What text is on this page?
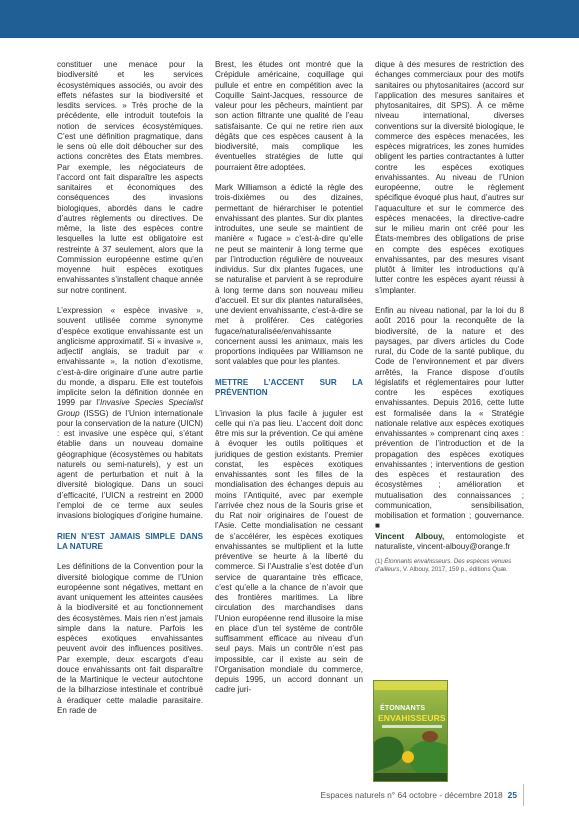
constituer une menace pour la biodiversité et les services écosystémiques associés, ou avoir des effets néfastes sur la biodiversité et lesdits services. » Très proche de la précédente, elle introduit toutefois la notion de services écosystémiques. C’est une définition pragmatique, dans le sens où elle doit déboucher sur des actions concrètes des États membres. Par exemple, les négociateurs de l’accord ont fait disparaître les aspects sanitaires et économiques des conséquences des invasions biologiques, abordés dans le cadre d’autres règlements ou directives. De même, la liste des espèces contre lesquelles la lutte est obligatoire est restreinte à 37 seulement, alors que la Commission européenne estime qu’en moyenne huit espèces exotiques envahissantes s’installent chaque année sur notre continent.

L’expression « espèce invasive », souvent utilisée comme synonyme d’espèce exotique envahissante est un anglicisme approximatif. Si « invasive », adjectif anglais, se traduit par « envahissante », la notion d’exotisme, c’est-à-dire originaire d’une autre partie du monde, a disparu. Elle est toutefois implicite selon la définition donnée en 1999 par l’Invasive Species Specialist Group (ISSG) de l’Union internationale pour la conservation de la nature (UICN) : est invasive une espèce qui, s’étant établie dans un nouveau domaine géographique (écosystèmes ou habitats naturels ou semi-naturels), y est un agent de perturbation et nuit à la diversité biologique. Dans un souci d’efficacité, l’UICN a restreint en 2000 l’emploi de ce terme aux seules invasions biologiques d’origine humaine.

RIEN N’EST JAMAIS SIMPLE DANS LA NATURE

Les définitions de la Convention pour la diversité biologique comme de l’Union européenne sont négatives, mettant en avant uniquement les atteintes causées à la biodiversité et au fonctionnement des écosystèmes. Mais rien n’est jamais simple dans la nature. Parfois les espèces exotiques envahissantes peuvent avoir des influences positives. Par exemple, deux escargots d’eau douce envahissants ont fait disparaître de la Martinique le vecteur autochtone de la bilharziose intestinale et contribué à éradiquer cette maladie parasitaire. En rade de

Brest, les études ont montré que la Crépidule américaine, coquillage qui pullule et entre en compétition avec la Coquille Saint-Jacques, ressource de valeur pour les pêcheurs, maintient par son action filtrante une qualité de l’eau satisfaisante. Ce qui ne retire rien aux dégâts que ces espèces causent à la biodiversité, mais complique les éventuelles stratégies de lutte qui pourraient être adoptées.

Mark Williamson a édicté la règle des trois-dixièmes ou des dizaines, permettant de hiérarchiser le potentiel envahissant des plantes. Sur dix plantes introduites, une seule se maintient de manière « fugace » c’est-à-dire qu’elle ne peut se maintenir à long terme que par l’introduction régulière de nouveaux individus. Sur dix plantes fugaces, une se naturalise et parvient à se reproduire à long terme dans son nouveau milieu d’accueil. Et sur dix plantes naturalisées, une devient envahissante, c’est-à-dire se met à proliférer. Ces catégories fugace/naturalisée/envahissante concernent aussi les animaux, mais les proportions indiquées par Williamson ne sont valables que pour les plantes.

METTRE L’ACCENT SUR LA PRÉVENTION

L’invasion la plus facile à juguler est celle qui n’a pas lieu. L’accent doit donc être mis sur la prévention. Ce qui amène à évoquer les outils politiques et juridiques de gestion existants. Premier constat, les espèces exotiques envahissantes sont les filles de la mondialisation des échanges depuis au moins l’Antiquité, avec par exemple l’arrivée chez nous de la Souris grise et du Rat noir originaires de l’ouest de l’Asie. Cette mondialisation ne cessant de s’accélérer, les espèces exotiques envahissantes se multiplient et la lutte préventive se heurte à la liberté du commerce. Si l’Australie s’est dotée d’un service de quarantaine très efficace, c’est qu’elle a la chance de n’avoir que des frontières maritimes. La libre circulation des marchandises dans l’Union européenne rend illusoire la mise en place d’un tel système de contrôle suffisamment efficace au niveau d’un seul pays. Mais un contrôle n’est pas impossible, car il existe au sein de l’Organisation mondiale du commerce, depuis 1995, un accord donnant un cadre juri-

dique à des mesures de restriction des échanges commerciaux pour des motifs sanitaires ou phytosanitaires (accord sur l’application des mesures sanitaires et phytosanitaires, dit SPS). À ce même niveau international, diverses conventions sur la diversité biologique, le commerce des espèces menacées, les espèces migratrices, les zones humides obligent les parties contractantes à lutter contre les espèces exotiques envahissantes. Au niveau de l’Union européenne, outre le règlement spécifique évoqué plus haut, d’autres sur l’aquaculture et sur le commerce des espèces menacées, la directive-cadre sur le milieu marin ont créé pour les États-membres des obligations de prise en compte des espèces exotiques envahissantes, par des mesures visant plutôt à limiter les introductions qu’à lutter contre les espèces ayant réussi à s’implanter.

Enfin au niveau national, par la loi du 8 août 2016 pour la reconquête de la biodiversité, de la nature et des paysages, par divers articles du Code rural, du Code de la santé publique, du Code de l’environnement et par divers arrêtés, la France dispose d’outils législatifs et réglementaires pour lutter contre les espèces exotiques envahissantes. Depuis 2016, cette lutte est formalisée dans la « Stratégie nationale relative aux espèces exotiques envahissantes » comprenant cinq axes : prévention de l’introduction et de la propagation des espèces exotiques envahissantes ; interventions de gestion des espèces et restauration des écosystèmes ; amélioration et mutualisation des connaissances ; communication, sensibilisation, mobilisation et formation ; gouvernance. ■

Vincent Albouy, entomologiste et naturaliste, vincent-albouy@orange.fr

(1) Étonnants envahisseurs. Des espèces venues d’ailleurs, V. Albouy, 2017, 159 p., éditions Quæ.

ÉTONNANTS
ENVAHISSEURS
Espaces naturels n° 64 octobre - décembre 2018 25
